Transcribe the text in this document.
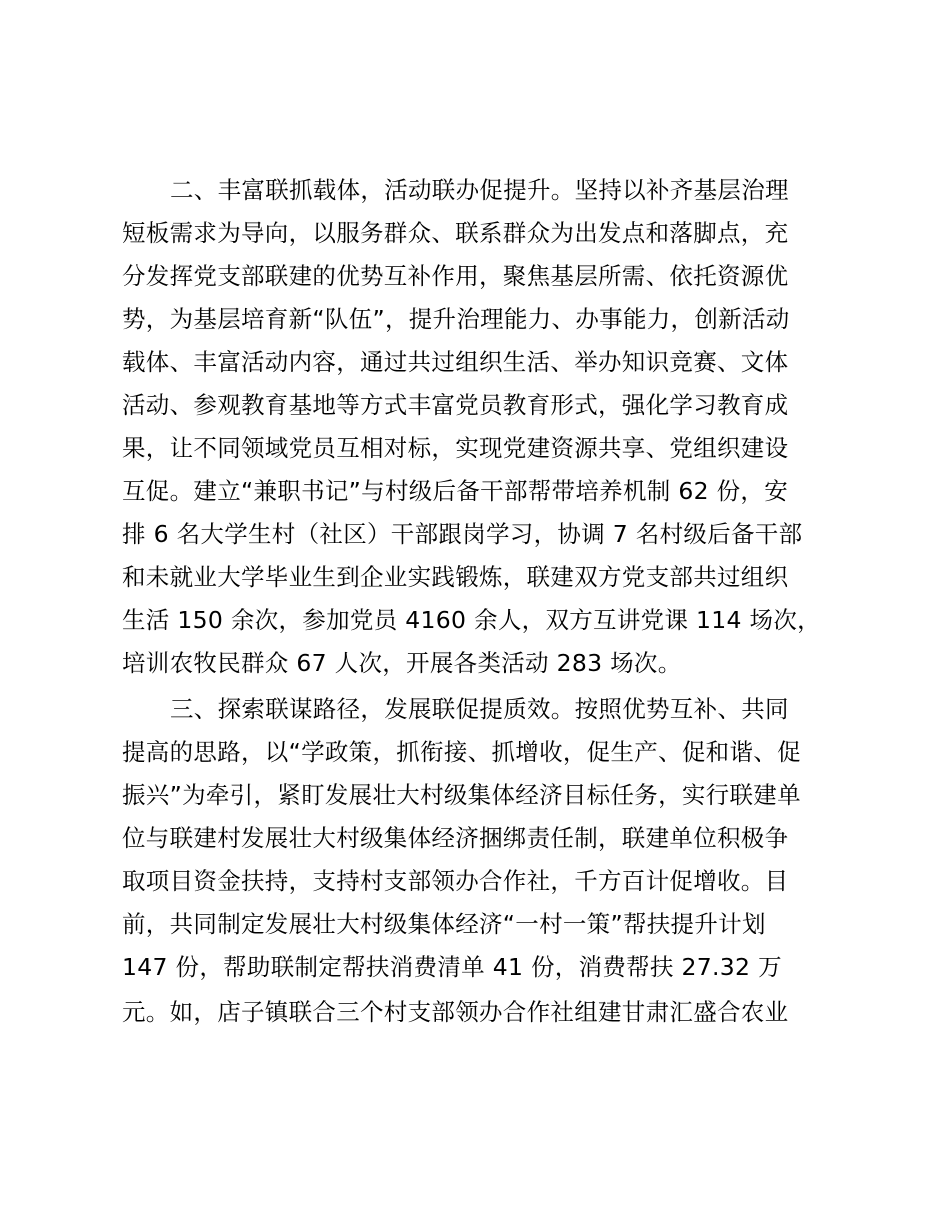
二、丰富联抓载体，活动联办促提升。坚持以补齐基层治理
短板需求为导向，以服务群众、联系群众为出发点和落脚点，充
分发挥党支部联建的优势互补作用，聚焦基层所需、依托资源优
势，为基层培育新“队伍”，提升治理能力、办事能力，创新活动
载体、丰富活动内容，通过共过组织生活、举办知识竞赛、文体
活动、参观教育基地等方式丰富党员教育形式，强化学习教育成
果，让不同领域党员互相对标，实现党建资源共享、党组织建设
互促。建立“兼职书记”与村级后备干部帮带培养机制 62 份，安
排 6 名大学生村（社区）干部跟岗学习，协调 7 名村级后备干部
和未就业大学毕业生到企业实践锻炼，联建双方党支部共过组织
生活 150 余次，参加党员 4160 余人，双方互讲党课 114 场次，
培训农牧民群众 67 人次，开展各类活动 283 场次。
三、探索联谋路径，发展联促提质效。按照优势互补、共同
提高的思路，以“学政策，抓衔接、抓增收，促生产、促和谐、促
振兴”为牵引，紧盯发展壮大村级集体经济目标任务，实行联建单
位与联建村发展壮大村级集体经济捆绑责任制，联建单位积极争
取项目资金扶持，支持村支部领办合作社，千方百计促增收。目
前，共同制定发展壮大村级集体经济“一村一策”帮扶提升计划
147 份，帮助联制定帮扶消费清单 41 份，消费帮扶 27.32 万
元。如，店子镇联合三个村支部领办合作社组建甘肃汇盛合农业
